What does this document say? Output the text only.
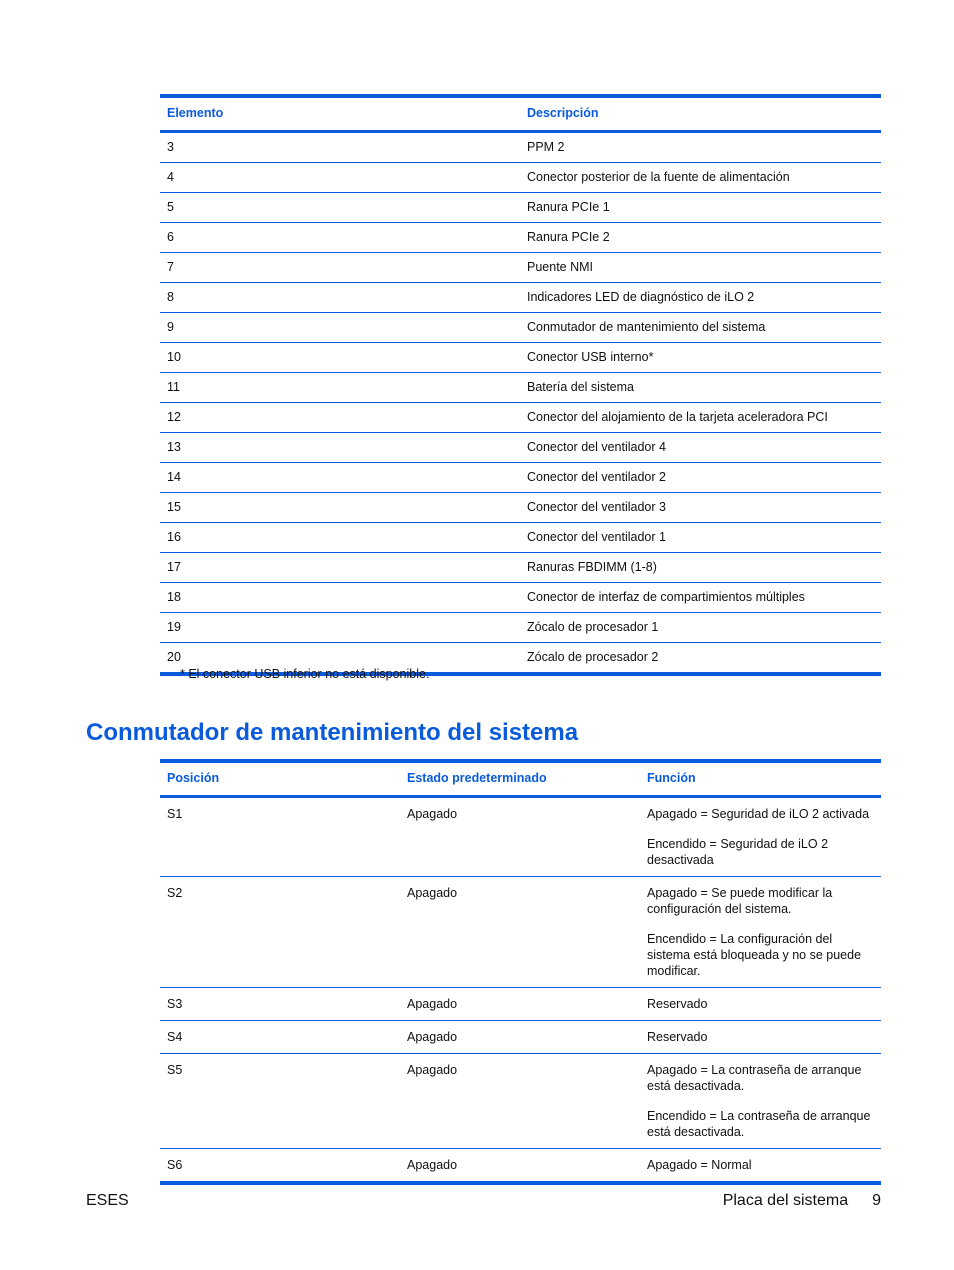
Elemento	Descripción
3	PPM 2
4	Conector posterior de la fuente de alimentación
5	Ranura PCIe 1
6	Ranura PCIe 2
7	Puente NMI
8	Indicadores LED de diagnóstico de iLO 2
9	Conmutador de mantenimiento del sistema
10	Conector USB interno*
11	Batería del sistema
12	Conector del alojamiento de la tarjeta aceleradora PCI
13	Conector del ventilador 4
14	Conector del ventilador 2
15	Conector del ventilador 3
16	Conector del ventilador 1
17	Ranuras FBDIMM (1-8)
18	Conector de interfaz de compartimientos múltiples
19	Zócalo de procesador 1
20	Zócalo de procesador 2
* El conector USB inferior no está disponible.
Conmutador de mantenimiento del sistema
Posición	Estado predeterminado	Función
S1	Apagado	Apagado = Seguridad de iLO 2 activada
Encendido = Seguridad de iLO 2 desactivada

S2	Apagado	Apagado = Se puede modificar la configuración del sistema.
Encendido = La configuración del sistema está bloqueada y no se puede modificar.

S3	Apagado	Reservado

S4	Apagado	Reservado

S5	Apagado	Apagado = La contraseña de arranque está desactivada.
Encendido = La contraseña de arranque está desactivada.

S6	Apagado	Apagado = Normal
ESES	Placa del sistema 9
